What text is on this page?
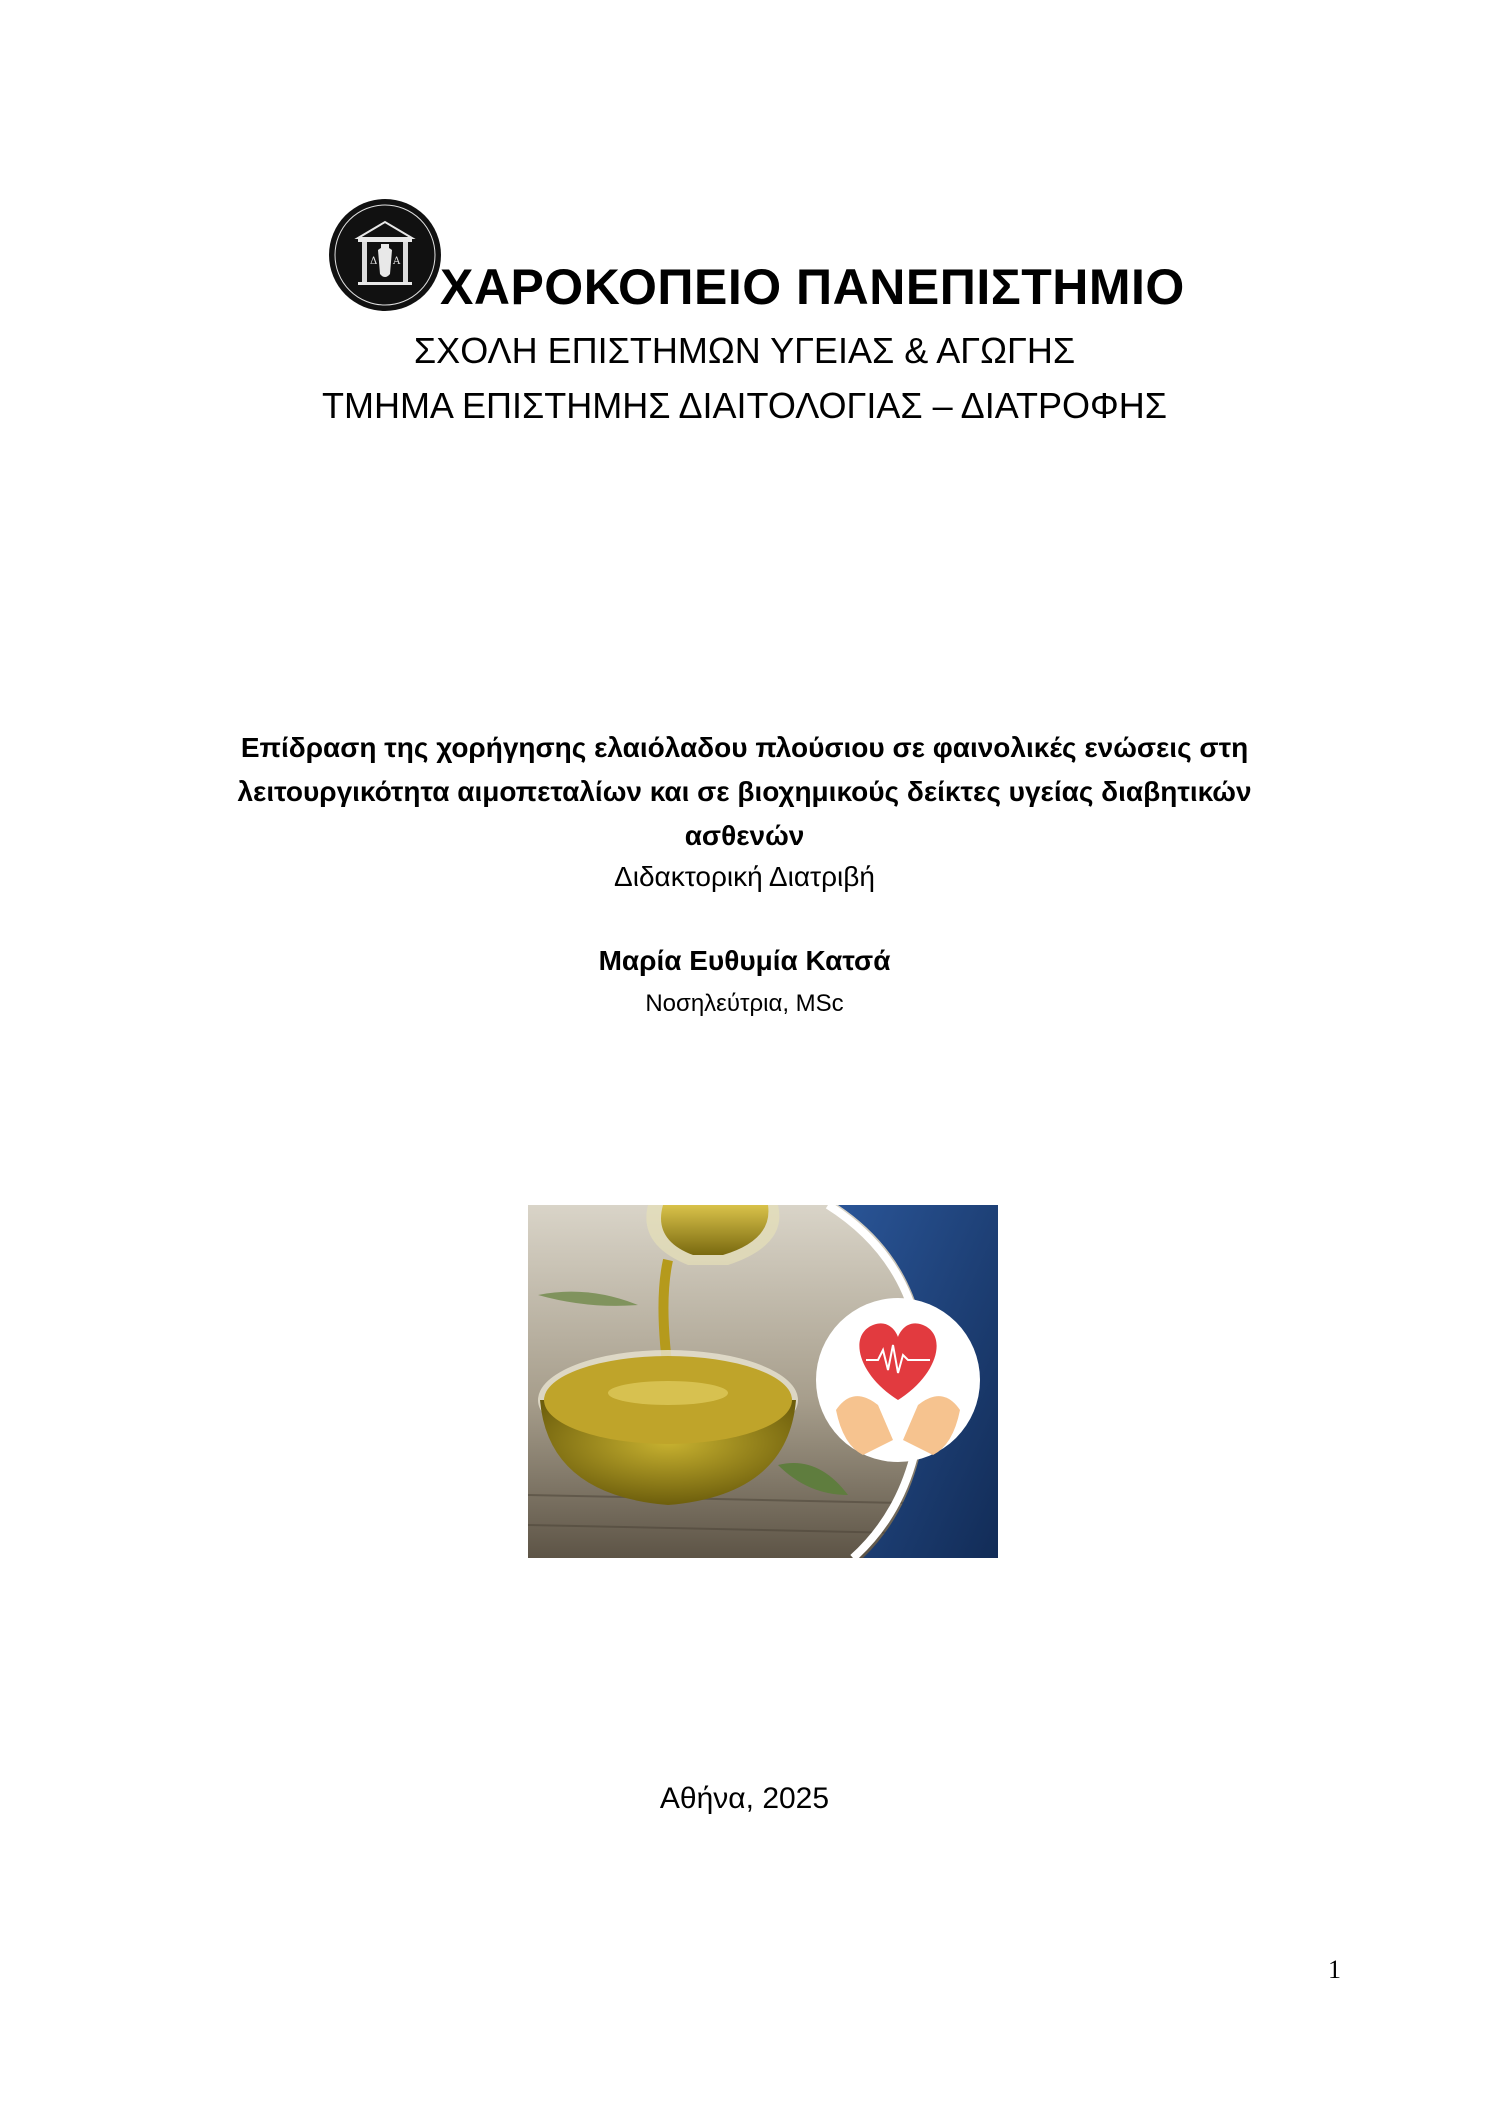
Δ Α ΧΑΡΟΚΟΠΕΙΟ ΠΑΝΕΠΙΣΤΗΜΙΟ
ΣΧΟΛΗ ΕΠΙΣΤΗΜΩΝ ΥΓΕΙΑΣ & ΑΓΩΓΗΣ
ΤΜΗΜΑ ΕΠΙΣΤΗΜΗΣ ΔΙΑΙΤΟΛΟΓΙΑΣ – ΔΙΑΤΡΟΦΗΣ
Επίδραση της χορήγησης ελαιόλαδου πλούσιου σε φαινολικές ενώσεις στη
λειτουργικότητα αιμοπεταλίων και σε βιοχημικούς δείκτες υγείας διαβητικών
ασθενών
Διδακτορική Διατριβή
Μαρία Ευθυμία Κατσά
Νοσηλεύτρια, MSc
Αθήνα, 2025
1
